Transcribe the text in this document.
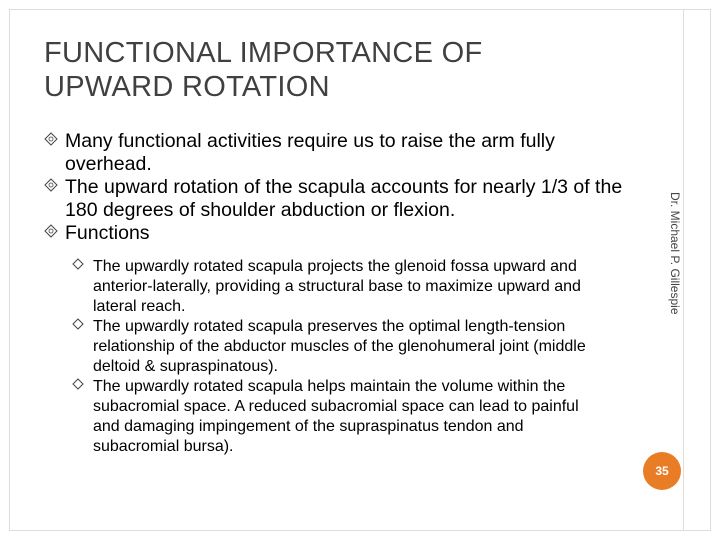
FUNCTIONAL IMPORTANCE OF
UPWARD ROTATION
Many functional activities require us to raise the arm fully overhead.
The upward rotation of the scapula accounts for nearly 1/3 of the 180 degrees of shoulder abduction or flexion.
Functions
The upwardly rotated scapula projects the glenoid fossa upward and anterior-laterally, providing a structural base to maximize upward and lateral reach.
The upwardly rotated scapula preserves the optimal length-tension relationship of the abductor muscles of the glenohumeral joint (middle deltoid & supraspinatous).
The upwardly rotated scapula helps maintain the volume within the subacromial space. A reduced subacromial space can lead to painful and damaging impingement of the supraspinatus tendon and subacromial bursa).
Dr. Michael P. Gillespie
35
